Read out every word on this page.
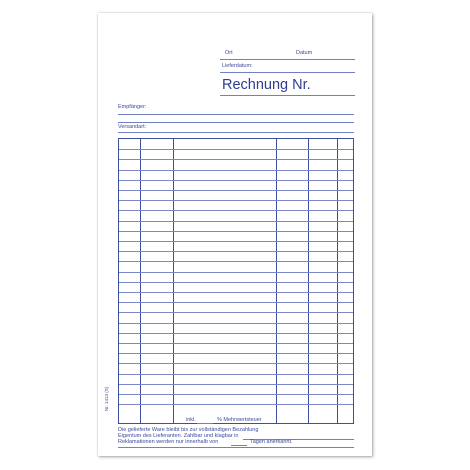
Ort	Datum
Lieferdatum:
Rechnung Nr.
Empfänger:
Versandart:
inkl.	% Mehrwertsteuer
Die gelieferte Ware bleibt bis zur vollständigen Bezahlung
Eigentum des Lieferanten. Zahlbar und klagbar in
Reklamationen werden nur innerhalb von	Tagen anerkannt.
Nr. 1413 (S)
